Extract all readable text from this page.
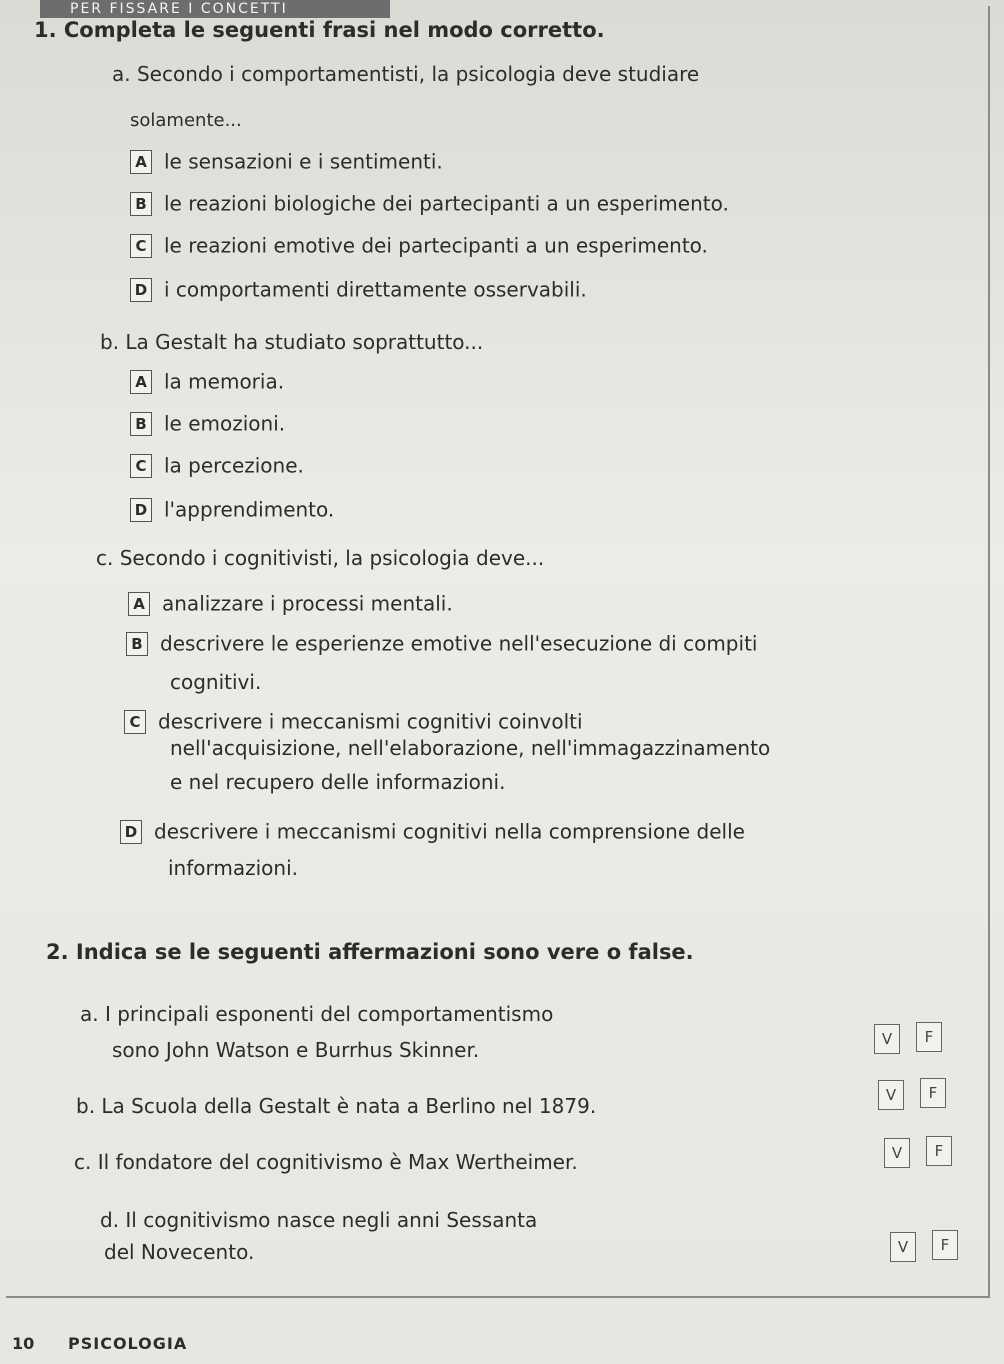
PER FISSARE I CONCETTI
1. Completa le seguenti frasi nel modo corretto.
a. Secondo i comportamentisti, la psicologia deve studiare
solamente...
A le sensazioni e i sentimenti.
B le reazioni biologiche dei partecipanti a un esperimento.
C le reazioni emotive dei partecipanti a un esperimento.
D i comportamenti direttamente osservabili.
b. La Gestalt ha studiato soprattutto...
A la memoria.
B le emozioni.
C la percezione.
D l'apprendimento.
c. Secondo i cognitivisti, la psicologia deve...
A analizzare i processi mentali.
B descrivere le esperienze emotive nell'esecuzione di compiti
cognitivi.
C descrivere i meccanismi cognitivi coinvolti
nell'acquisizione, nell'elaborazione, nell'immagazzinamento
e nel recupero delle informazioni.
D descrivere i meccanismi cognitivi nella comprensione delle
informazioni.
2. Indica se le seguenti affermazioni sono vere o false.
a. I principali esponenti del comportamentismo
sono John Watson e Burrhus Skinner.	V	F
b. La Scuola della Gestalt è nata a Berlino nel 1879.	V	F
c. Il fondatore del cognitivismo è Max Wertheimer.	V	F
d. Il cognitivismo nasce negli anni Sessanta
del Novecento.	V	F
10 PSICOLOGIA
